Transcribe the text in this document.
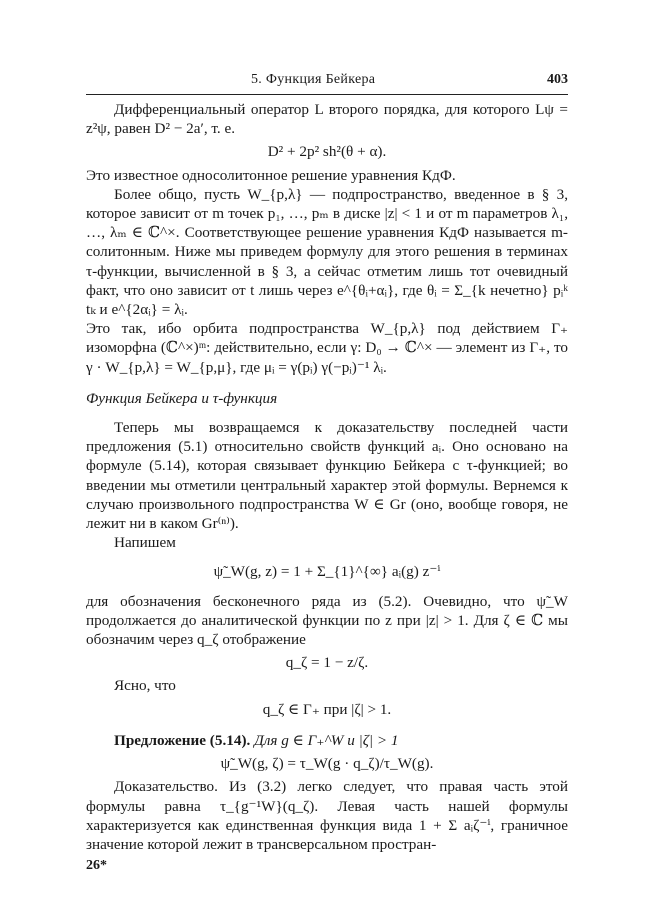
5. Функция Бейкера	403

Дифференциальный оператор L второго порядка, для которого Lψ = z²ψ, равен D² − 2a′, т. е.

D² + 2p² sh²(θ + α).

Это известное односолитонное решение уравнения КдФ.

Более общо, пусть W_{p,λ} — подпространство, введенное в § 3, которое зависит от m точек p₁, …, pₘ в диске |z| < 1 и от m параметров λ₁, …, λₘ ∈ ℂ^×. Соответствующее решение уравнения КдФ называется m-солитонным. Ниже мы приведем формулу для этого решения в терминах τ-функции, вычисленной в § 3, а сейчас отметим лишь тот очевидный факт, что оно зависит от t лишь через e^{θᵢ+αᵢ}, где θᵢ = Σ_{k нечетно} pᵢᵏ tₖ и e^{2αᵢ} = λᵢ.

Это так, ибо орбита подпространства W_{p,λ} под действием Γ₊ изоморфна (ℂ^×)ᵐ: действительно, если γ: D₀ → ℂ^× — элемент из Γ₊, то γ · W_{p,λ} = W_{p,μ}, где μᵢ = γ(pᵢ) γ(−pᵢ)⁻¹ λᵢ.

Функция Бейкера и τ-функция

Теперь мы возвращаемся к доказательству последней части предложения (5.1) относительно свойств функций aᵢ. Оно основано на формуле (5.14), которая связывает функцию Бейкера с τ-функцией; во введении мы отметили центральный характер этой формулы. Вернемся к случаю произвольного подпространства W ∈ Gr (оно, вообще говоря, не лежит ни в каком Gr⁽ⁿ⁾).

Напишем

ψ̃_W(g, z) = 1 + Σ_{1}^{∞} aᵢ(g) z⁻ⁱ

для обозначения бесконечного ряда из (5.2). Очевидно, что ψ̃_W продолжается до аналитической функции по z при |z| > 1. Для ζ ∈ ℂ мы обозначим через q_ζ отображение

q_ζ = 1 − z/ζ.

Ясно, что

q_ζ ∈ Γ₊ при |ζ| > 1.

Предложение (5.14). Для g ∈ Γ₊^W и |ζ| > 1

ψ̃_W(g, ζ) = τ_W(g · q_ζ)/τ_W(g).

Доказательство. Из (3.2) легко следует, что правая часть этой формулы равна τ_{g⁻¹W}(q_ζ). Левая часть нашей формулы характеризуется как единственная функция вида 1 + Σ aᵢζ⁻ⁱ, граничное значение которой лежит в трансверсальном простран-

26*
